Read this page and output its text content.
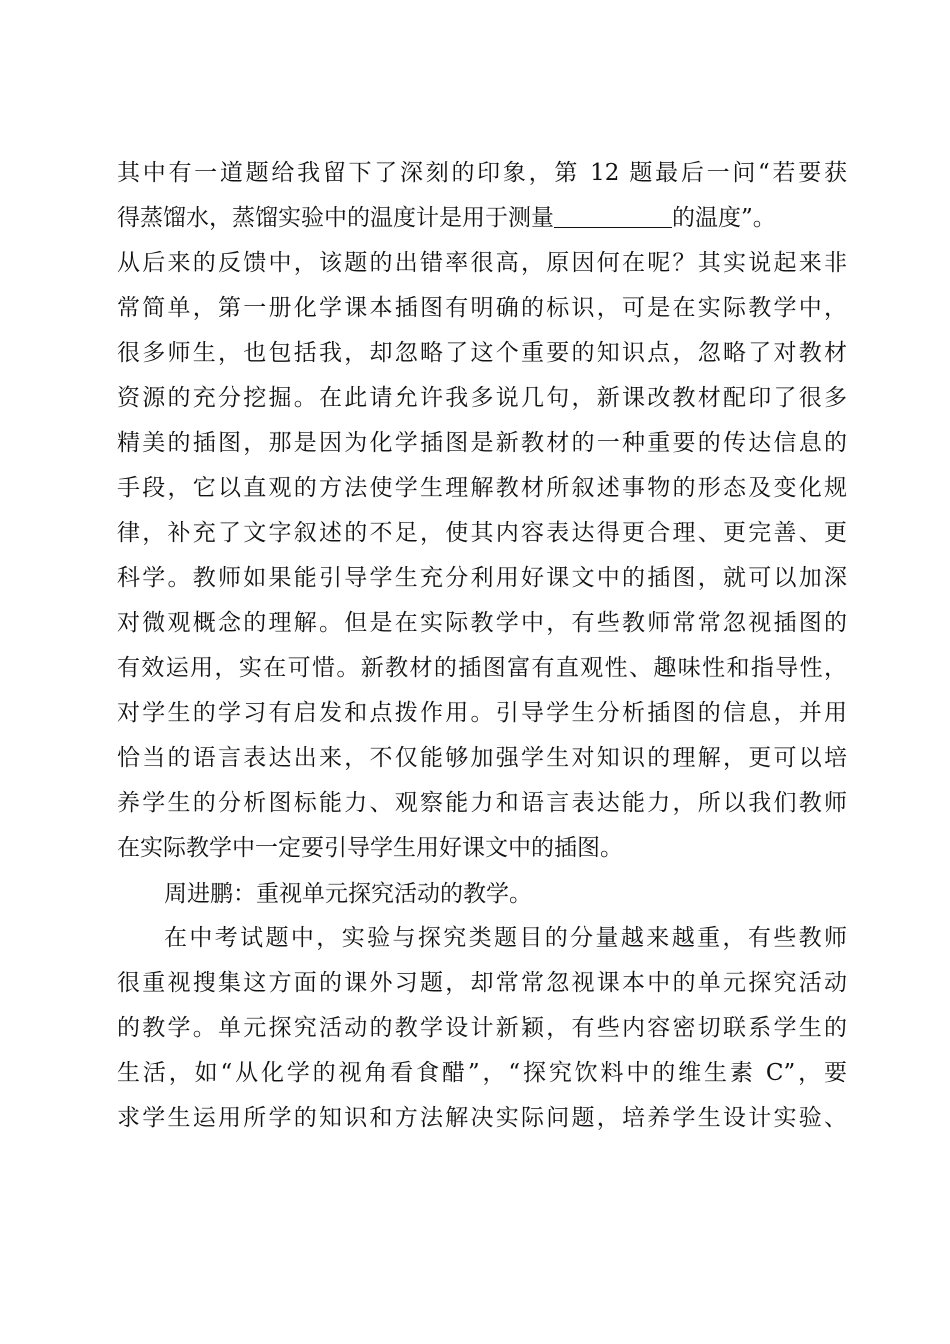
其中有一道题给我留下了深刻的印象，第 12 题最后一问“若要获
得蒸馏水，蒸馏实验中的温度计是用于测量	的温度”。
从后来的反馈中，该题的出错率很高，原因何在呢？其实说起来非
常简单，第一册化学课本插图有明确的标识，可是在实际教学中，
很多师生，也包括我，却忽略了这个重要的知识点，忽略了对教材
资源的充分挖掘。在此请允许我多说几句，新课改教材配印了很多
精美的插图，那是因为化学插图是新教材的一种重要的传达信息的
手段，它以直观的方法使学生理解教材所叙述事物的形态及变化规
律，补充了文字叙述的不足，使其内容表达得更合理、更完善、更
科学。教师如果能引导学生充分利用好课文中的插图，就可以加深
对微观概念的理解。但是在实际教学中，有些教师常常忽视插图的
有效运用，实在可惜。新教材的插图富有直观性、趣味性和指导性，
对学生的学习有启发和点拨作用。引导学生分析插图的信息，并用
恰当的语言表达出来，不仅能够加强学生对知识的理解，更可以培
养学生的分析图标能力、观察能力和语言表达能力，所以我们教师
在实际教学中一定要引导学生用好课文中的插图。
周进鹏：重视单元探究活动的教学。
在中考试题中，实验与探究类题目的分量越来越重，有些教师
很重视搜集这方面的课外习题，却常常忽视课本中的单元探究活动
的教学。单元探究活动的教学设计新颖，有些内容密切联系学生的
生活，如“从化学的视角看食醋”，“探究饮料中的维生素 C”，要
求学生运用所学的知识和方法解决实际问题，培养学生设计实验、
